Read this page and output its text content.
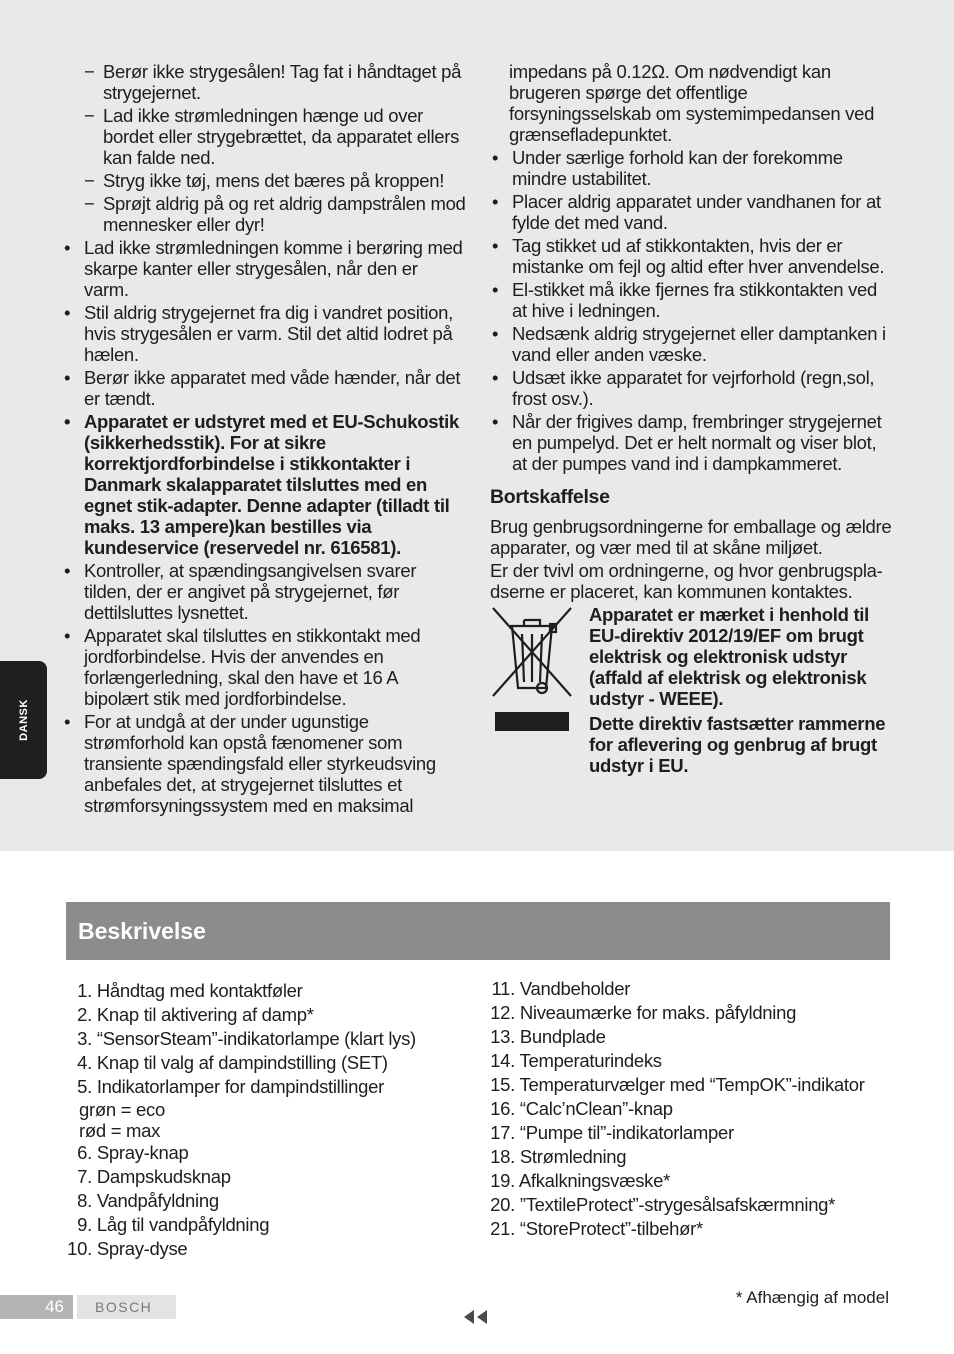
− Berør ikke strygesålen! Tag fat i håndtaget på strygejernet.
− Lad ikke strømledningen hænge ud over bordet eller strygebrættet, da apparatet ellers kan falde ned.
− Stryg ikke tøj, mens det bæres på kroppen!
− Sprøjt aldrig på og ret aldrig dampstrålen mod mennesker eller dyr!
• Lad ikke strømledningen komme i berøring med skarpe kanter eller strygesålen, når den er varm.
• Stil aldrig strygejernet fra dig i vandret position, hvis strygesålen er varm. Stil det altid lodret på hælen.
• Berør ikke apparatet med våde hænder, når det er tændt.
• Apparatet er udstyret med et EU-Schukostik (sikkerhedsstik). For at sikre korrektjordforbindelse i stikkontakter i Danmark skalapparatet tilsluttes med en egnet stik-adapter. Denne adapter (tilladt til maks. 13 ampere)kan bestilles via kundeservice (reservedel nr. 616581).
• Kontroller, at spændingsangivelsen svarer tilden, der er angivet på strygejernet, før dettilsluttes lysnettet.
• Apparatet skal tilsluttes en stikkontakt med jordforbindelse. Hvis der anvendes en forlængerledning, skal den have et 16 A bipolært stik med jordforbindelse.
• For at undgå at der under ugunstige strømforhold kan opstå fænomener som transiente spændingsfald eller styrkeudsving anbefales det, at strygejernet tilsluttes et strømforsyningssystem med en maksimal
impedans på 0.12Ω. Om nødvendigt kan brugeren spørge det offentlige forsyningsselskab om systemimpedansen ved grænsefladepunktet.
• Under særlige forhold kan der forekomme mindre ustabilitet.
• Placer aldrig apparatet under vandhanen for at fylde det med vand.
• Tag stikket ud af stikkontakten, hvis der er mistanke om fejl og altid efter hver anvendelse.
• El-stikket må ikke fjernes fra stikkontakten ved at hive i ledningen.
• Nedsænk aldrig strygejernet eller damptanken i vand eller anden væske.
• Udsæt ikke apparatet for vejrforhold (regn,sol, frost osv.).
• Når der frigives damp, frembringer strygejernet en pumpelyd. Det er helt normalt og viser blot, at der pumpes vand ind i dampkammeret.
Bortskaffelse
Brug genbrugsordningerne for emballage og ældre apparater, og vær med til at skåne miljøet.
Er der tvivl om ordningerne, og hvor genbrugspla-dserne er placeret, kan kommunen kontaktes.

Apparatet er mærket i henhold til EU-direktiv 2012/19/EF om brugt elektrisk og elektronisk udstyr (affald af elektrisk og elektronisk udstyr - WEEE).

Dette direktiv fastsætter rammerne for aflevering og genbrug af brugt udstyr i EU.

DANSK
Beskrivelse
1. Håndtag med kontaktføler
2. Knap til aktivering af damp*
3. “SensorSteam”-indikatorlampe (klart lys)
4. Knap til valg af dampindstilling (SET)
5. Indikatorlamper for dampindstillinger
grøn = eco
rød = max
6. Spray-knap
7. Dampskudsknap
8. Vandpåfyldning
9. Låg til vandpåfyldning
10. Spray-dyse
11. Vandbeholder
12. Niveaumærke for maks. påfyldning
13. Bundplade
14. Temperaturindeks
15. Temperaturvælger med “TempOK”-indikator
16. “Calc’nClean”-knap
17. “Pumpe til”-indikatorlamper
18. Strømledning
19. Afkalkningsvæske*
20. ”TextileProtect”-strygesålsafskærmning*
21. “StoreProtect”-tilbehør*
* Afhængig af model
46 BOSCH
